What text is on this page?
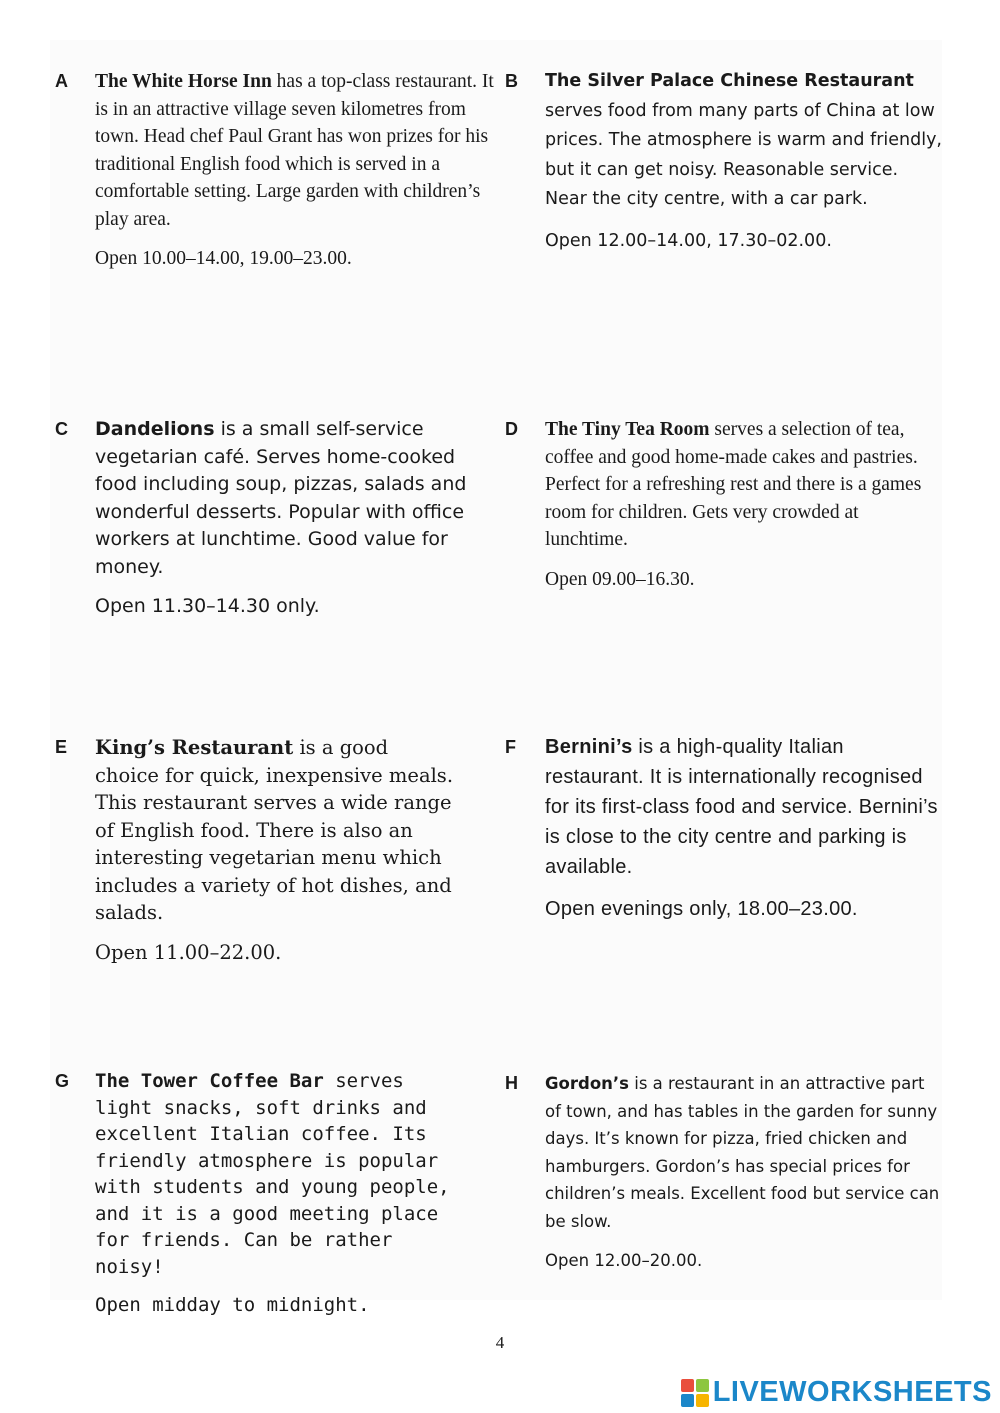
A The White Horse Inn has a top-class restaurant. It is in an attractive village seven kilometres from town. Head chef Paul Grant has won prizes for his traditional English food which is served in a comfortable setting. Large garden with children’s play area.

Open 10.00–14.00, 19.00–23.00.

B The Silver Palace Chinese Restaurant serves food from many parts of China at low prices. The atmosphere is warm and friendly, but it can get noisy. Reasonable service. Near the city centre, with a car park.

Open 12.00–14.00, 17.30–02.00.

C Dandelions is a small self-service vegetarian café. Serves home-cooked food including soup, pizzas, salads and wonderful desserts. Popular with office workers at lunchtime. Good value for money.

Open 11.30–14.30 only.

D The Tiny Tea Room serves a selection of tea, coffee and good home-made cakes and pastries. Perfect for a refreshing rest and there is a games room for children. Gets very crowded at lunchtime.

Open 09.00–16.30.

E King’s Restaurant is a good choice for quick, inexpensive meals. This restaurant serves a wide range of English food. There is also an interesting vegetarian menu which includes a variety of hot dishes, and salads.

Open 11.00–22.00.

F Bernini’s is a high-quality Italian restaurant. It is internationally recognised for its first-class food and service. Bernini’s is close to the city centre and parking is available.

Open evenings only, 18.00–23.00.

G The Tower Coffee Bar serves light snacks, soft drinks and excellent Italian coffee. Its friendly atmosphere is popular with students and young people, and it is a good meeting place for friends. Can be rather noisy!

Open midday to midnight.

H Gordon’s is a restaurant in an attractive part of town, and has tables in the garden for sunny days. It’s known for pizza, fried chicken and hamburgers. Gordon’s has special prices for children’s meals. Excellent food but service can be slow.

Open 12.00–20.00.

4
LIVEWORKSHEETS
